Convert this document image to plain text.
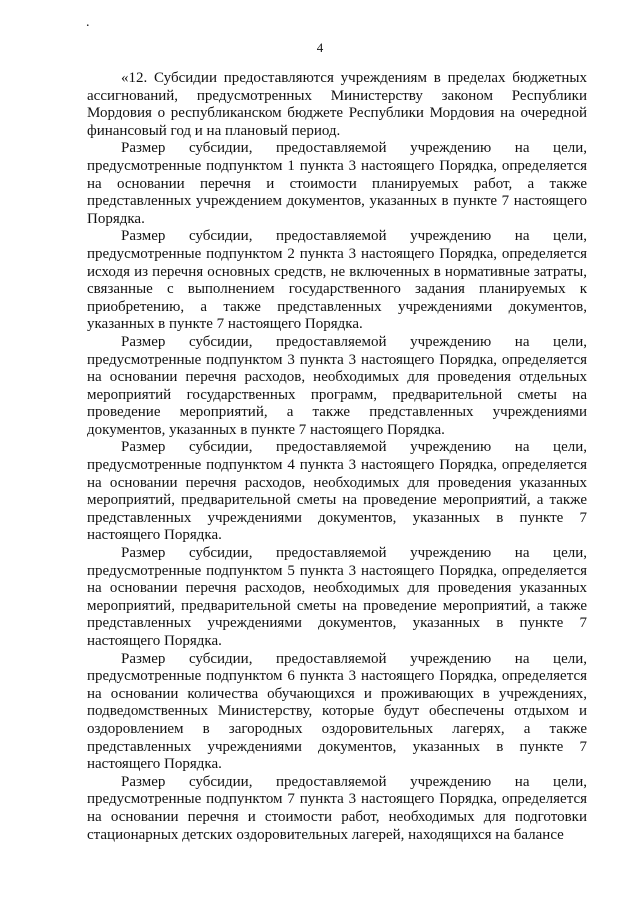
.
4

«12. Субсидии предоставляются учреждениям в пределах бюджетных ассигнований, предусмотренных Министерству законом Республики Мордовия о республиканском бюджете Республики Мордовия на очередной финансовый год и на плановый период.

Размер субсидии, предоставляемой учреждению на цели, предусмотренные подпунктом 1 пункта 3 настоящего Порядка, определяется на основании перечня и стоимости планируемых работ, а также представленных учреждением документов, указанных в пункте 7 настоящего Порядка.

Размер субсидии, предоставляемой учреждению на цели, предусмотренные подпунктом 2 пункта 3 настоящего Порядка, определяется исходя из перечня основных средств, не включенных в нормативные затраты, связанные с выполнением государственного задания планируемых к приобретению, а также представленных учреждениями документов, указанных в пункте 7 настоящего Порядка.

Размер субсидии, предоставляемой учреждению на цели, предусмотренные подпунктом 3 пункта 3 настоящего Порядка, определяется на основании перечня расходов, необходимых для проведения отдельных мероприятий государственных программ, предварительной сметы на проведение мероприятий, а также представленных учреждениями документов, указанных в пункте 7 настоящего Порядка.

Размер субсидии, предоставляемой учреждению на цели, предусмотренные подпунктом 4 пункта 3 настоящего Порядка, определяется на основании перечня расходов, необходимых для проведения указанных мероприятий, предварительной сметы на проведение мероприятий, а также представленных учреждениями документов, указанных в пункте 7 настоящего Порядка.

Размер субсидии, предоставляемой учреждению на цели, предусмотренные подпунктом 5 пункта 3 настоящего Порядка, определяется на основании перечня расходов, необходимых для проведения указанных мероприятий, предварительной сметы на проведение мероприятий, а также представленных учреждениями документов, указанных в пункте 7 настоящего Порядка.

Размер субсидии, предоставляемой учреждению на цели, предусмотренные подпунктом 6 пункта 3 настоящего Порядка, определяется на основании количества обучающихся и проживающих в учреждениях, подведомственных Министерству, которые будут обеспечены отдыхом и оздоровлением в загородных оздоровительных лагерях, а также представленных учреждениями документов, указанных в пункте 7 настоящего Порядка.

Размер субсидии, предоставляемой учреждению на цели, предусмотренные подпунктом 7 пункта 3 настоящего Порядка, определяется на основании перечня и стоимости работ, необходимых для подготовки стационарных детских оздоровительных лагерей, находящихся на балансе
